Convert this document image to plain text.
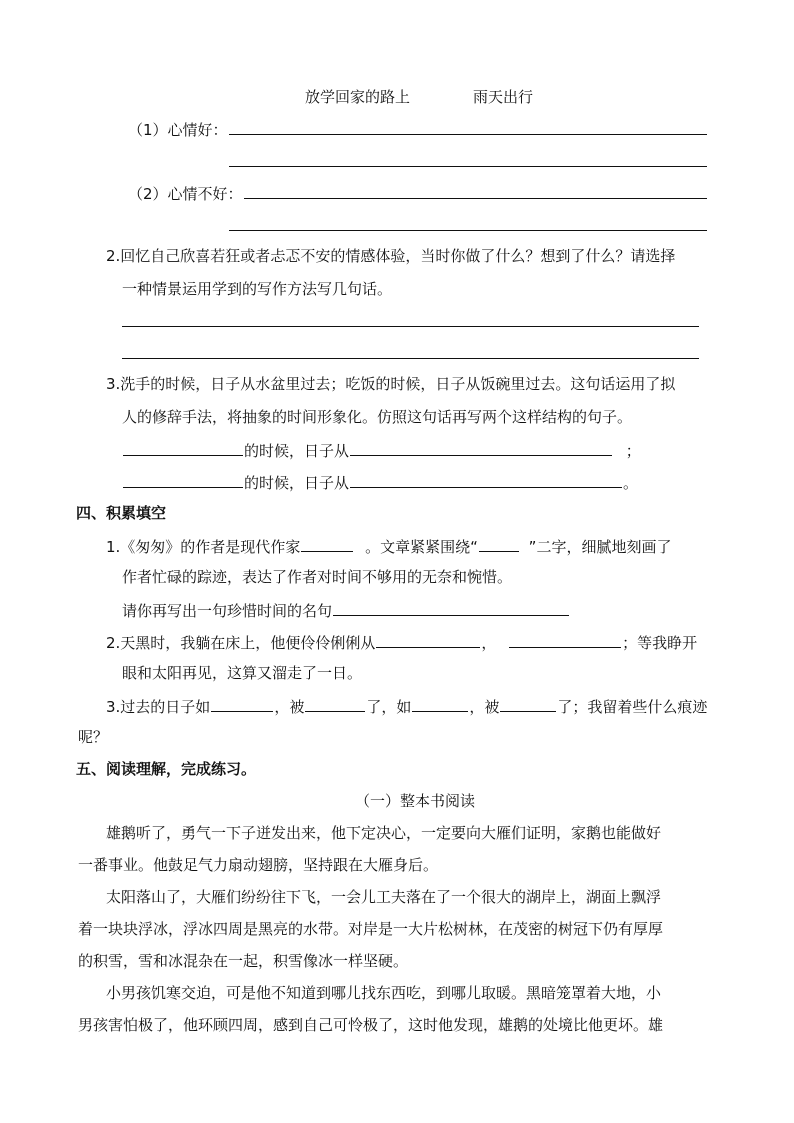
放学回家的路上	雨天出行
（1）心情好：
（2）心情不好：
2.回忆自己欣喜若狂或者忐忑不安的情感体验，当时你做了什么？想到了什么？请选择
一种情景运用学到的写作方法写几句话。
3.洗手的时候，日子从水盆里过去；吃饭的时候，日子从饭碗里过去。这句话运用了拟
人的修辞手法，将抽象的时间形象化。仿照这句话再写两个这样结构的句子。
的时候，日子从	；
的时候，日子从	。
四、积累填空
1.《匆匆》的作者是现代作家	。文章紧紧围绕“	”二字，细腻地刻画了
作者忙碌的踪迹，表达了作者对时间不够用的无奈和惋惜。
请你再写出一句珍惜时间的名句
2.天黑时，我躺在床上，他便伶伶俐俐从	，	；等我睁开
眼和太阳再见，这算又溜走了一日。
3.过去的日子如	，被	了，如	，被	了；我留着些什么痕迹
呢？
五、阅读理解，完成练习。
（一）整本书阅读
雄鹅听了，勇气一下子迸发出来，他下定决心，一定要向大雁们证明，家鹅也能做好
一番事业。他鼓足气力扇动翅膀，坚持跟在大雁身后。
太阳落山了，大雁们纷纷往下飞，一会儿工夫落在了一个很大的湖岸上，湖面上飘浮
着一块块浮冰，浮冰四周是黑亮的水带。对岸是一大片松树林，在茂密的树冠下仍有厚厚
的积雪，雪和冰混杂在一起，积雪像冰一样坚硬。
小男孩饥寒交迫，可是他不知道到哪儿找东西吃，到哪儿取暖。黑暗笼罩着大地，小
男孩害怕极了，他环顾四周，感到自己可怜极了，这时他发现，雄鹅的处境比他更坏。雄
